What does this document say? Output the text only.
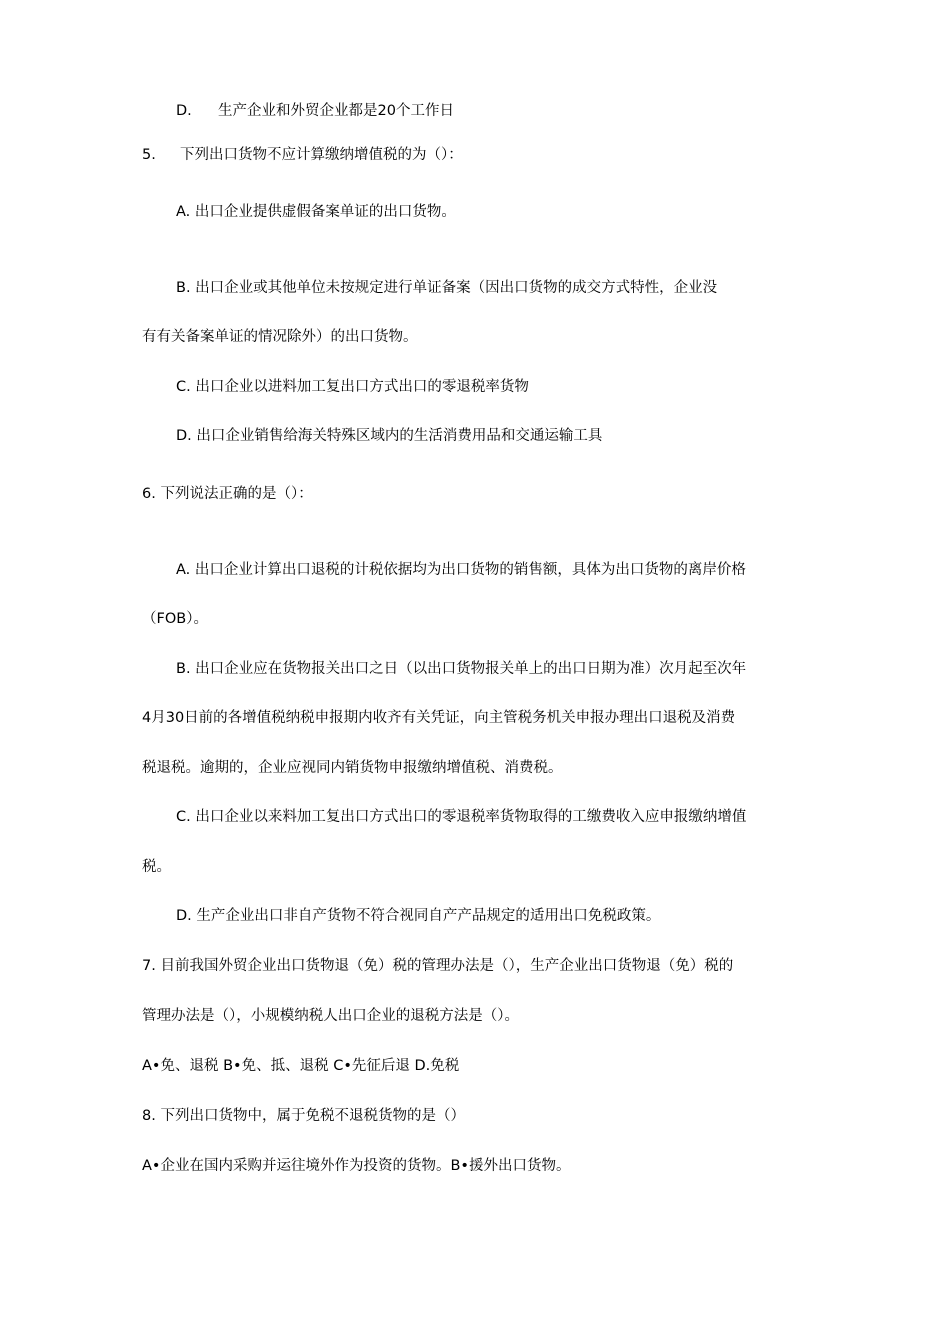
D. 生产企业和外贸企业都是20个工作日
5. 下列出口货物不应计算缴纳增值税的为（）：
A. 出口企业提供虚假备案单证的出口货物。
B. 出口企业或其他单位未按规定进行单证备案（因出口货物的成交方式特性，企业没
有有关备案单证的情况除外）的出口货物。
C. 出口企业以进料加工复出口方式出口的零退税率货物
D. 出口企业销售给海关特殊区域内的生活消费用品和交通运输工具
6. 下列说法正确的是（）：
A. 出口企业计算出口退税的计税依据均为出口货物的销售额，具体为出口货物的离岸价格
（FOB）。
B. 出口企业应在货物报关出口之日（以出口货物报关单上的出口日期为准）次月起至次年
4月30日前的各增值税纳税申报期内收齐有关凭证，向主管税务机关申报办理出口退税及消费
税退税。逾期的，企业应视同内销货物申报缴纳增值税、消费税。
C. 出口企业以来料加工复出口方式出口的零退税率货物取得的工缴费收入应申报缴纳增值
税。
D. 生产企业出口非自产货物不符合视同自产产品规定的适用出口免税政策。
7. 目前我国外贸企业出口货物退（免）税的管理办法是（），生产企业出口货物退（免）税的
管理办法是（），小规模纳税人出口企业的退税方法是（）。
A•免、退税 B•免、抵、退税 C•先征后退 D.免税
8. 下列出口货物中，属于免税不退税货物的是（）
A•企业在国内采购并运往境外作为投资的货物。B•援外出口货物。
